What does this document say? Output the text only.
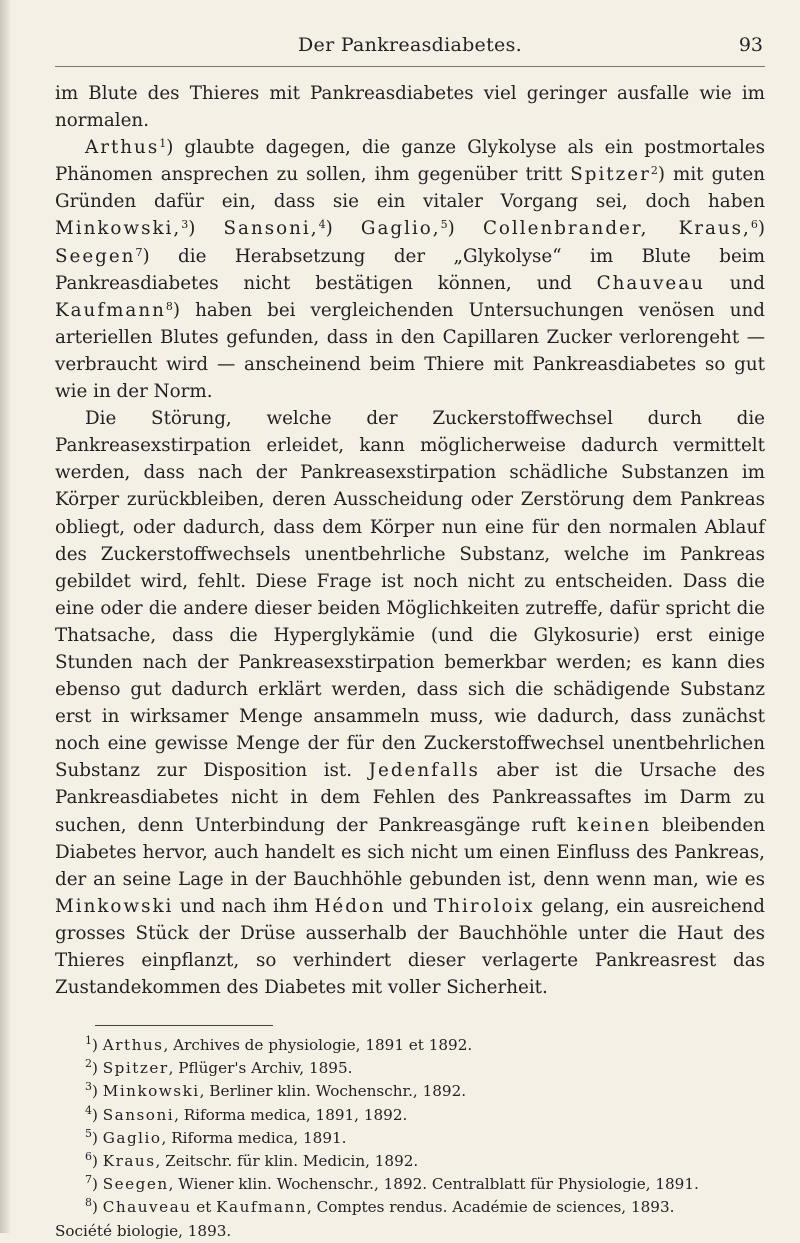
Der Pankreasdiabetes.	93

im Blute des Thieres mit Pankreasdiabetes viel geringer ausfalle wie im normalen.

Arthus$^1$) glaubte dagegen, die ganze Glykolyse als ein postmortales Phänomen ansprechen zu sollen, ihm gegenüber tritt Spitzer$^2$) mit guten Gründen dafür ein, dass sie ein vitaler Vorgang sei, doch haben Minkowski,$^3$) Sansoni,$^4$) Gaglio,$^5$) Collenbrander, Kraus,$^6$) Seegen$^7$) die Herabsetzung der „Glykolyse“ im Blute beim Pankreasdiabetes nicht bestätigen können, und Chauveau und Kaufmann$^8$) haben bei vergleichenden Untersuchungen venösen und arteriellen Blutes gefunden, dass in den Capillaren Zucker verlorengeht — verbraucht wird — anscheinend beim Thiere mit Pankreasdiabetes so gut wie in der Norm.

Die Störung, welche der Zuckerstoffwechsel durch die Pankreasexstirpation erleidet, kann möglicherweise dadurch vermittelt werden, dass nach der Pankreasexstirpation schädliche Substanzen im Körper zurückbleiben, deren Ausscheidung oder Zerstörung dem Pankreas obliegt, oder dadurch, dass dem Körper nun eine für den normalen Ablauf des Zuckerstoffwechsels unentbehrliche Substanz, welche im Pankreas gebildet wird, fehlt. Diese Frage ist noch nicht zu entscheiden. Dass die eine oder die andere dieser beiden Möglichkeiten zutreffe, dafür spricht die Thatsache, dass die Hyperglykämie (und die Glykosurie) erst einige Stunden nach der Pankreasexstirpation bemerkbar werden; es kann dies ebenso gut dadurch erklärt werden, dass sich die schädigende Substanz erst in wirksamer Menge ansammeln muss, wie dadurch, dass zunächst noch eine gewisse Menge der für den Zuckerstoffwechsel unentbehrlichen Substanz zur Disposition ist. Jedenfalls aber ist die Ursache des Pankreasdiabetes nicht in dem Fehlen des Pankreassaftes im Darm zu suchen, denn Unterbindung der Pankreasgänge ruft keinen bleibenden Diabetes hervor, auch handelt es sich nicht um einen Einfluss des Pankreas, der an seine Lage in der Bauchhöhle gebunden ist, denn wenn man, wie es Minkowski und nach ihm Hédon und Thiroloix gelang, ein ausreichend grosses Stück der Drüse ausserhalb der Bauchhöhle unter die Haut des Thieres einpflanzt, so verhindert dieser verlagerte Pankreasrest das Zustandekommen des Diabetes mit voller Sicherheit.

$^1$) Arthus, Archives de physiologie, 1891 et 1892.
$^2$) Spitzer, Pflüger's Archiv, 1895.
$^3$) Minkowski, Berliner klin. Wochenschr., 1892.
$^4$) Sansoni, Riforma medica, 1891, 1892.
$^5$) Gaglio, Riforma medica, 1891.
$^6$) Kraus, Zeitschr. für klin. Medicin, 1892.
$^7$) Seegen, Wiener klin. Wochenschr., 1892. Centralblatt für Physiologie, 1891.
$^8$) Chauveau et Kaufmann, Comptes rendus. Académie de sciences, 1893.
Société biologie, 1893.
